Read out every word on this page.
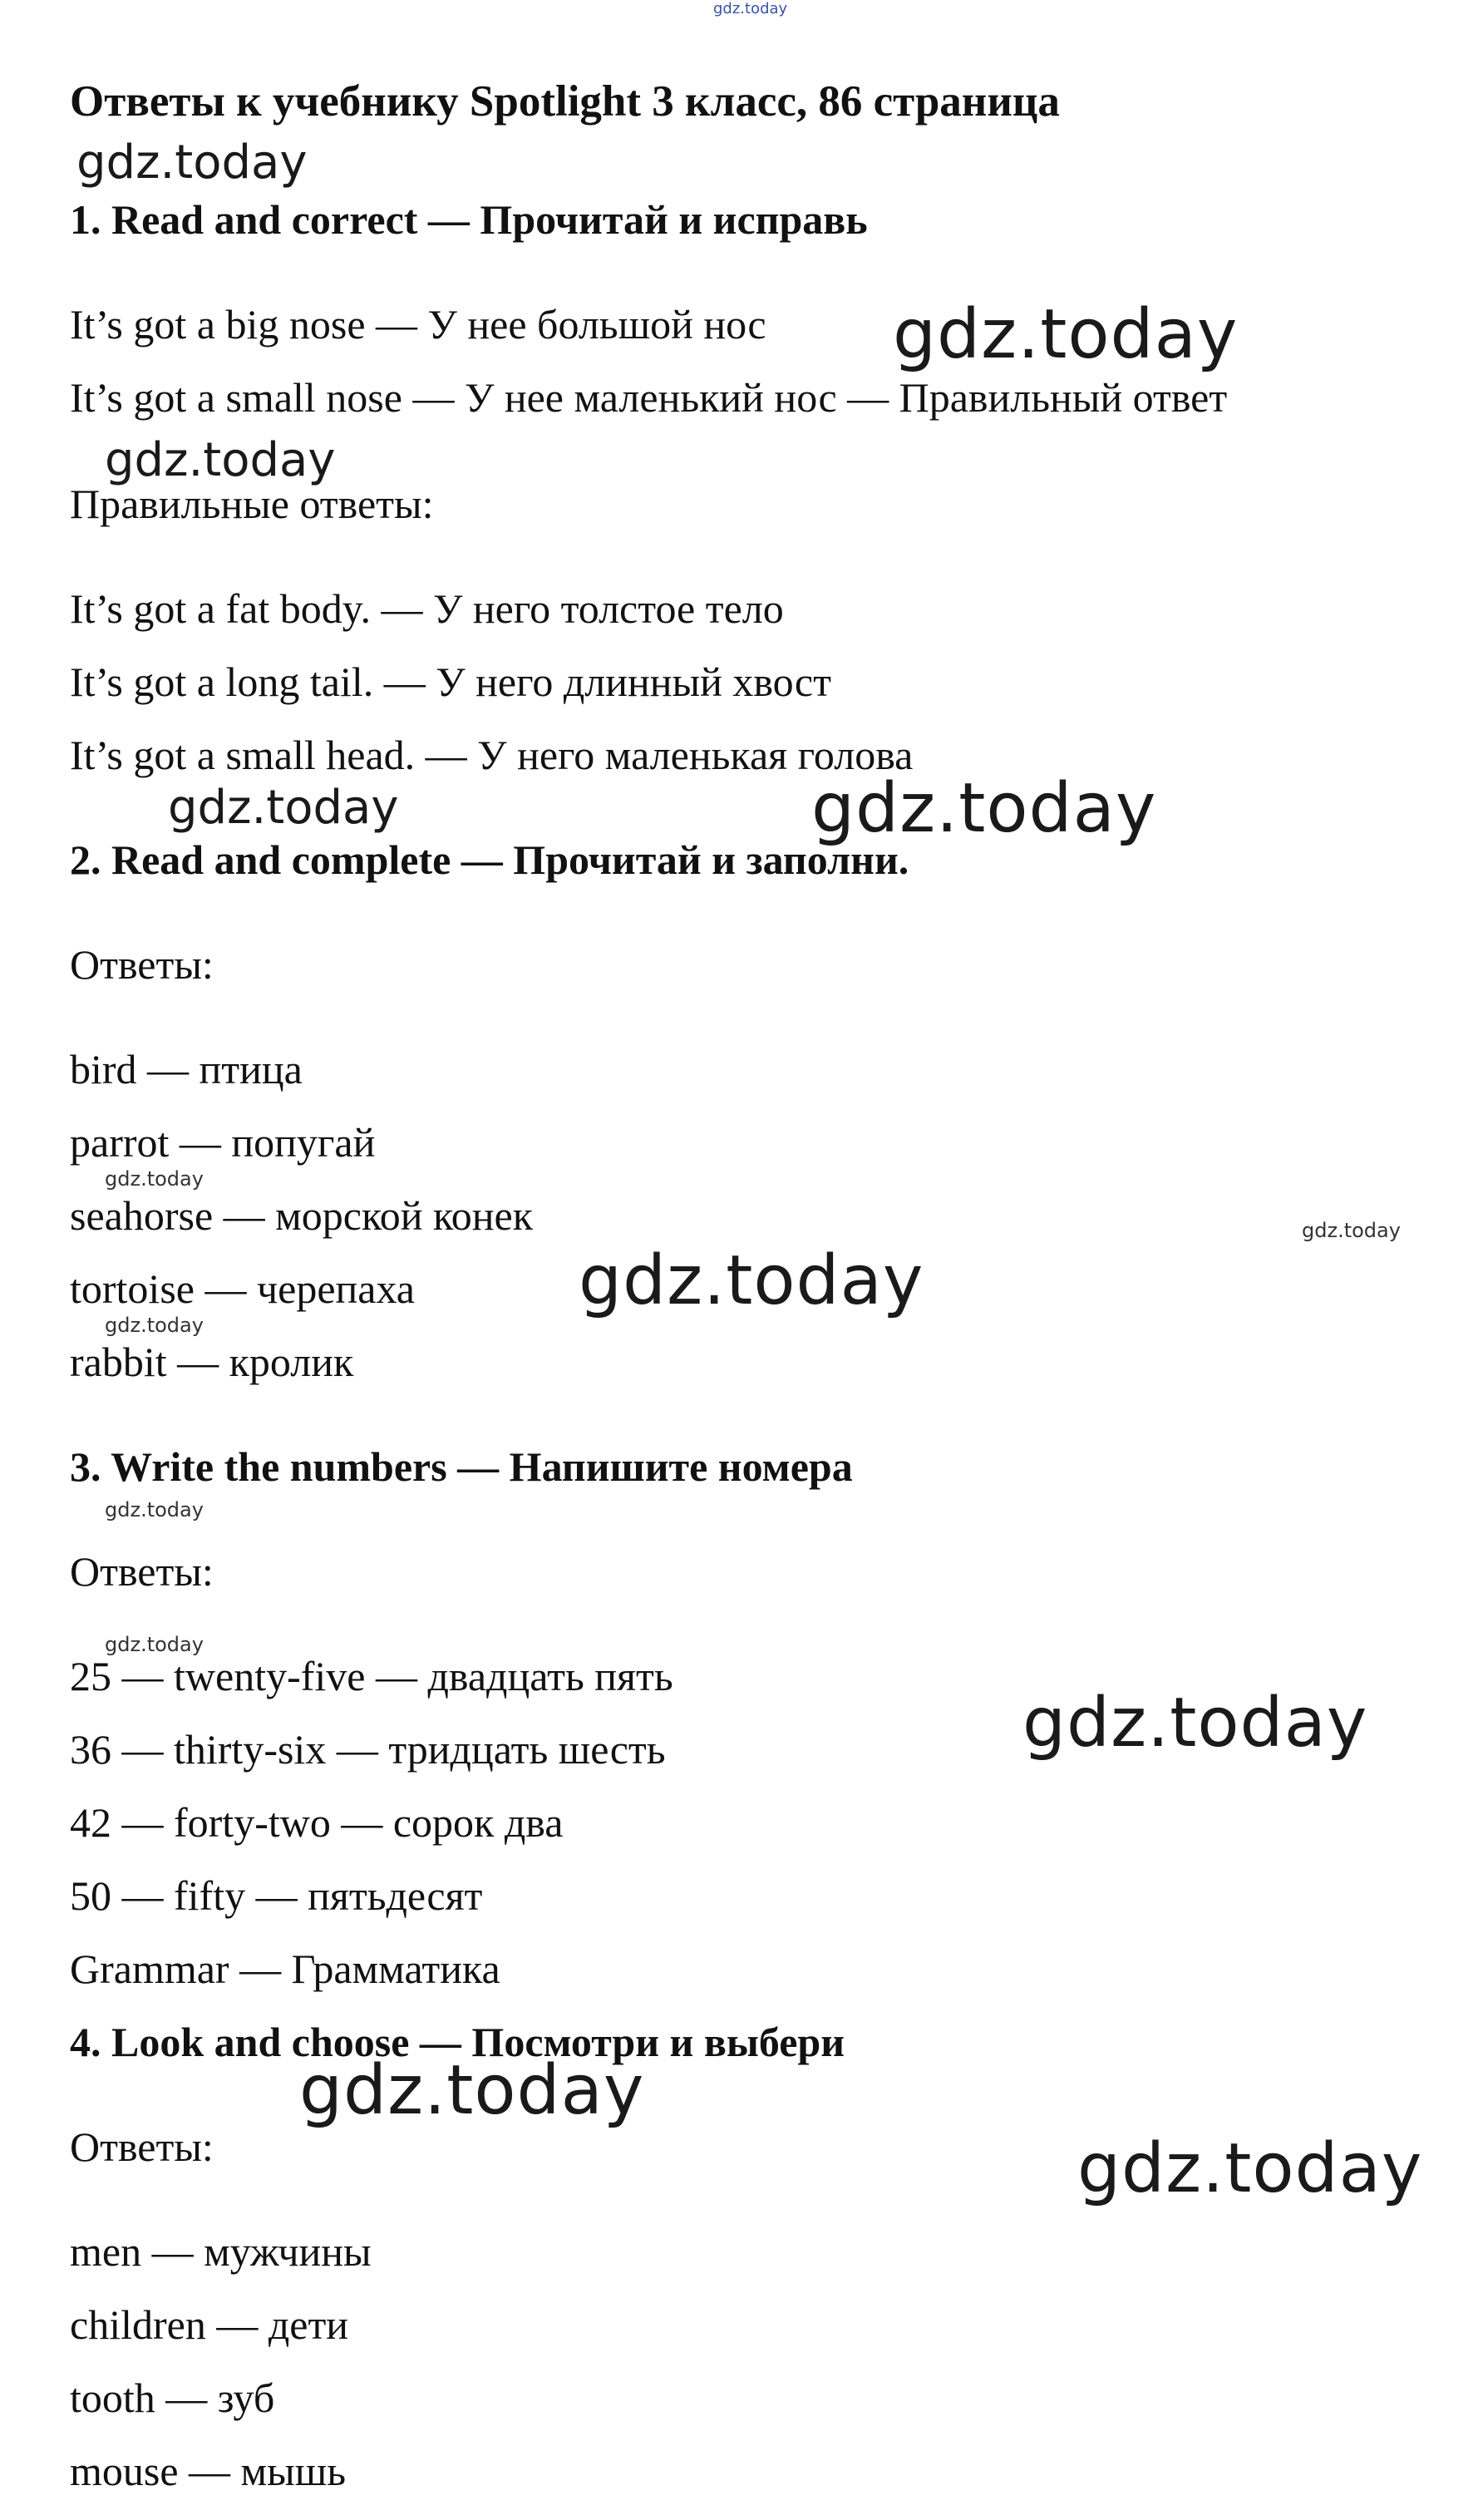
Ответы к учебнику Spotlight 3 класс, 86 страница
1. Read and correct — Прочитай и исправь
It’s got a big nose — У нее большой нос
It’s got a small nose — У нее маленький нос — Правильный ответ
Правильные ответы:
It’s got a fat body. — У него толстое тело
It’s got a long tail. — У него длинный хвост
It’s got a small head. — У него маленькая голова
2. Read and complete — Прочитай и заполни.
Ответы:
bird — птица
parrot — попугай
seahorse — морской конек
tortoise — черепаха
rabbit — кролик
3. Write the numbers — Напишите номера
Ответы:
25 — twenty-five — двадцать пять
36 — thirty-six — тридцать шесть
42 — forty-two — сорок два
50 — fifty — пятьдесят
Grammar — Грамматика
4. Look and choose — Посмотри и выбери
Ответы:
men — мужчины
children — дети
tooth — зуб
mouse — мышь
gdz.today
gdz.today
gdz.today
gdz.today
gdz.today	gdz.today
gdz.today
gdz.today
gdz.today
gdz.today
gdz.today
gdz.today
gdz.today
gdz.today
gdz.today
